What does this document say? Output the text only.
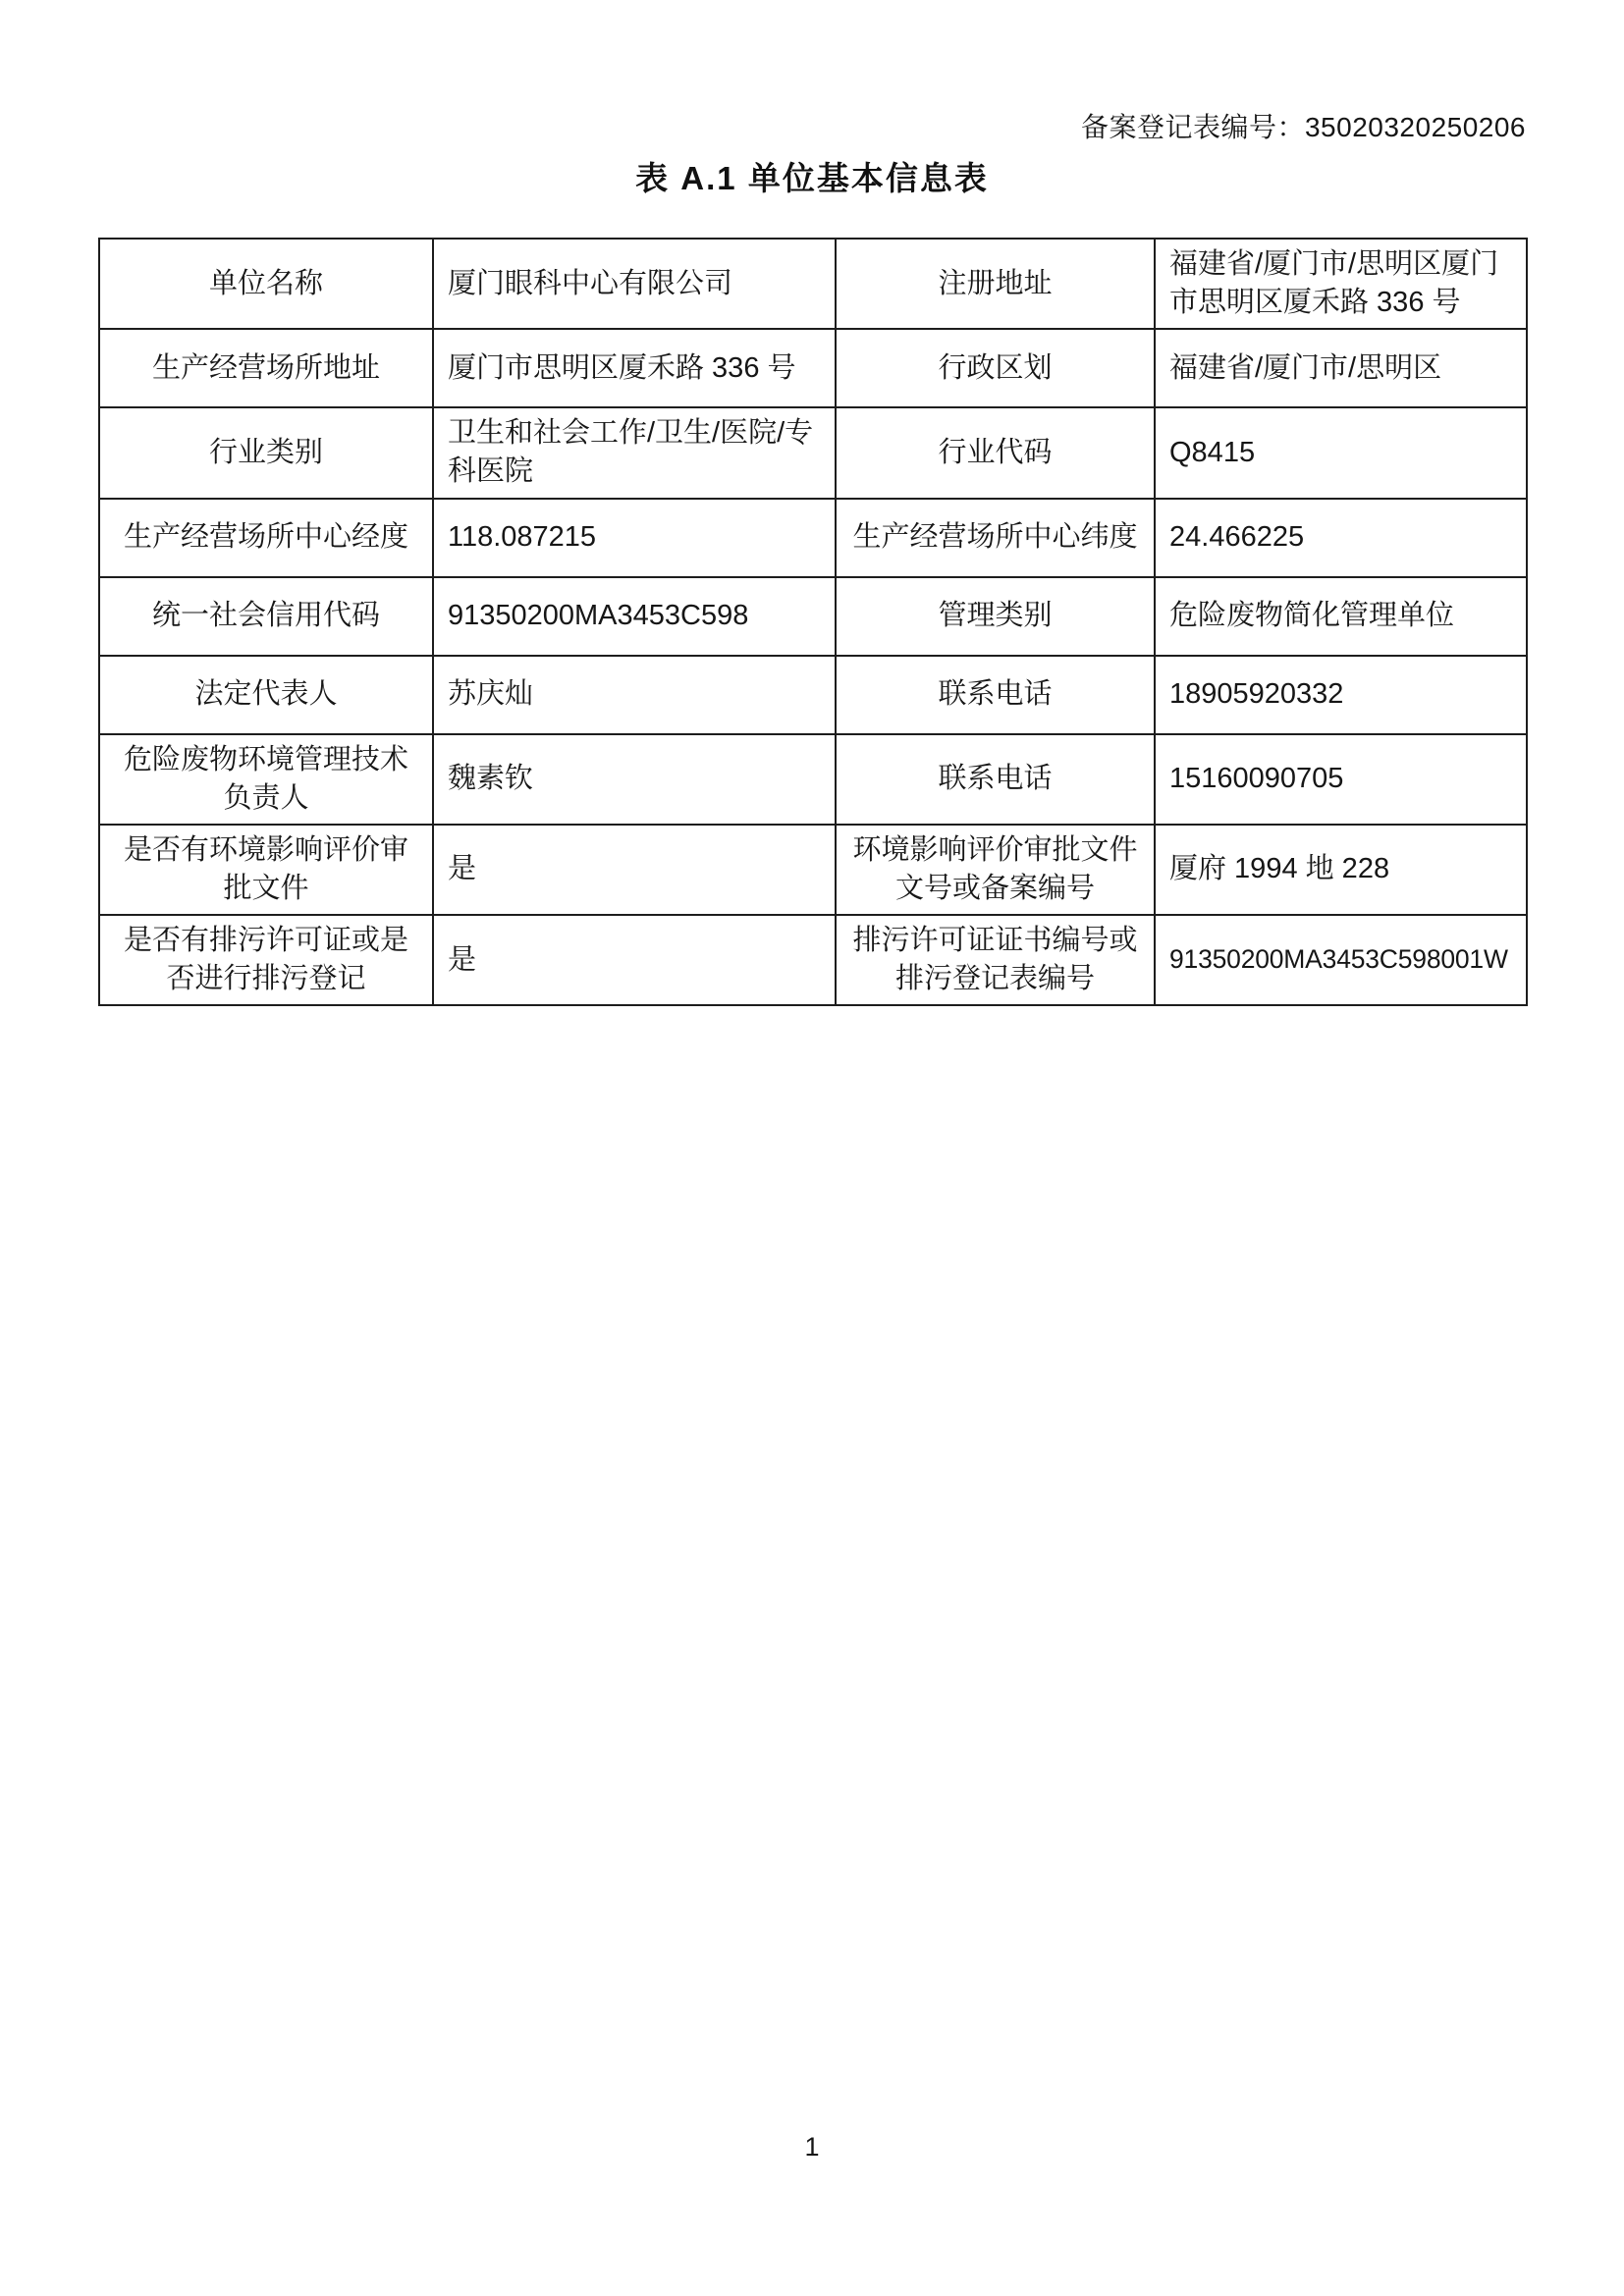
备案登记表编号：35020320250206
表 A.1 单位基本信息表
单位名称	厦门眼科中心有限公司	注册地址	福建省/厦门市/思明区厦门市思明区厦禾路 336 号
生产经营场所地址	厦门市思明区厦禾路 336 号	行政区划	福建省/厦门市/思明区
行业类别	卫生和社会工作/卫生/医院/专科医院	行业代码	Q8415
生产经营场所中心经度	118.087215	生产经营场所中心纬度	24.466225
统一社会信用代码	91350200MA3453C598	管理类别	危险废物简化管理单位
法定代表人	苏庆灿	联系电话	18905920332
危险废物环境管理技术负责人	魏素钦	联系电话	15160090705
是否有环境影响评价审批文件	是	环境影响评价审批文件文号或备案编号	厦府 1994 地 228
是否有排污许可证或是否进行排污登记	是	排污许可证证书编号或排污登记表编号	91350200MA3453C598001W
1
